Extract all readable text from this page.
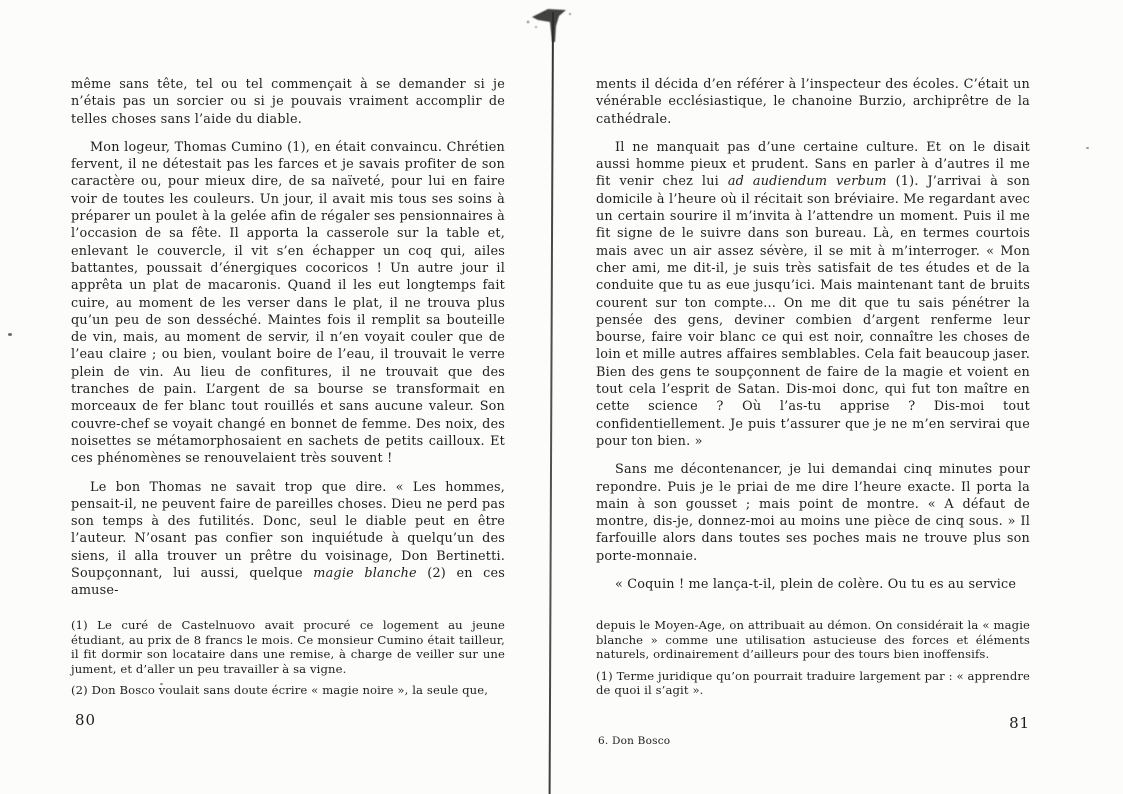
même sans tête, tel ou tel commençait à se demander si je n’étais pas un sorcier ou si je pouvais vraiment accomplir de telles choses sans l’aide du diable.

Mon logeur, Thomas Cumino (1), en était convaincu. Chrétien fervent, il ne détestait pas les farces et je savais profiter de son caractère ou, pour mieux dire, de sa naïveté, pour lui en faire voir de toutes les couleurs. Un jour, il avait mis tous ses soins à préparer un poulet à la gelée afin de régaler ses pensionnaires à l’occasion de sa fête. Il apporta la casserole sur la table et, enlevant le couvercle, il vit s’en échapper un coq qui, ailes battantes, poussait d’énergiques cocoricos ! Un autre jour il apprêta un plat de macaronis. Quand il les eut longtemps fait cuire, au moment de les verser dans le plat, il ne trouva plus qu’un peu de son desséché. Maintes fois il remplit sa bouteille de vin, mais, au moment de servir, il n’en voyait couler que de l’eau claire ; ou bien, voulant boire de l’eau, il trouvait le verre plein de vin. Au lieu de confitures, il ne trouvait que des tranches de pain. L’argent de sa bourse se transformait en morceaux de fer blanc tout rouillés et sans aucune valeur. Son couvre-chef se voyait changé en bonnet de femme. Des noix, des noisettes se métamorphosaient en sachets de petits cailloux. Et ces phénomènes se renouvelaient très souvent !

Le bon Thomas ne savait trop que dire. « Les hommes, pensait-il, ne peuvent faire de pareilles choses. Dieu ne perd pas son temps à des futilités. Donc, seul le diable peut en être l’auteur. N’osant pas confier son inquiétude à quelqu’un des siens, il alla trouver un prêtre du voisinage, Don Bertinetti. Soupçonnant, lui aussi, quelque magie blanche (2) en ces amuse-

(1) Le curé de Castelnuovo avait procuré ce logement au jeune étudiant, au prix de 8 francs le mois. Ce monsieur Cumino était tailleur, il fit dormir son locataire dans une remise, à charge de veiller sur une jument, et d’aller un peu travailler à sa vigne.

(2) Don Bosco voulait sans doute écrire « magie noire », la seule que,

80

ments il décida d’en référer à l’inspecteur des écoles. C’était un vénérable ecclésiastique, le chanoine Burzio, archiprêtre de la cathédrale.

Il ne manquait pas d’une certaine culture. Et on le disait aussi homme pieux et prudent. Sans en parler à d’autres il me fit venir chez lui ad audiendum verbum (1). J’arrivai à son domicile à l’heure où il récitait son bréviaire. Me regardant avec un certain sourire il m’invita à l’attendre un moment. Puis il me fit signe de le suivre dans son bureau. Là, en termes courtois mais avec un air assez sévère, il se mit à m’interroger. « Mon cher ami, me dit-il, je suis très satisfait de tes études et de la conduite que tu as eue jusqu’ici. Mais maintenant tant de bruits courent sur ton compte... On me dit que tu sais pénétrer la pensée des gens, deviner combien d’argent renferme leur bourse, faire voir blanc ce qui est noir, connaître les choses de loin et mille autres affaires semblables. Cela fait beaucoup jaser. Bien des gens te soupçonnent de faire de la magie et voient en tout cela l’esprit de Satan. Dis-moi donc, qui fut ton maître en cette science ? Où l’as-tu apprise ? Dis-moi tout confidentiellement. Je puis t’assurer que je ne m’en servirai que pour ton bien. »

Sans me décontenancer, je lui demandai cinq minutes pour repondre. Puis je le priai de me dire l’heure exacte. Il porta la main à son gousset ; mais point de montre. « A défaut de montre, dis-je, donnez-moi au moins une pièce de cinq sous. » Il farfouille alors dans toutes ses poches mais ne trouve plus son porte-monnaie.

« Coquin ! me lança-t-il, plein de colère. Ou tu es au service

depuis le Moyen-Age, on attribuait au démon. On considérait la « magie blanche » comme une utilisation astucieuse des forces et éléments naturels, ordinairement d’ailleurs pour des tours bien inoffensifs.

(1) Terme juridique qu’on pourrait traduire largement par : « apprendre de quoi il s’agit ».

6. Don Bosco
81
